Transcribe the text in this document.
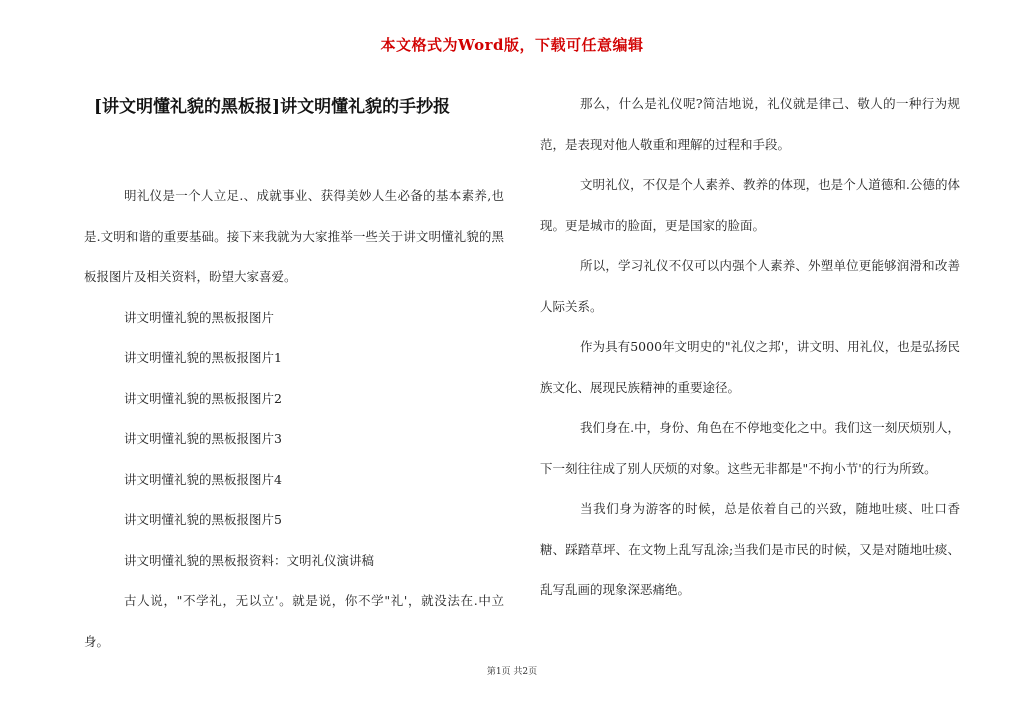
本文格式为Word版，下载可任意编辑
[讲文明懂礼貌的黑板报]讲文明懂礼貌的手抄报

明礼仪是一个人立足.、成就事业、获得美妙人生必备的基本素养,也是.文明和谐的重要基础。接下来我就为大家推举一些关于讲文明懂礼貌的黑板报图片及相关资料，盼望大家喜爱。

讲文明懂礼貌的黑板报图片

讲文明懂礼貌的黑板报图片1

讲文明懂礼貌的黑板报图片2

讲文明懂礼貌的黑板报图片3

讲文明懂礼貌的黑板报图片4

讲文明懂礼貌的黑板报图片5

讲文明懂礼貌的黑板报资料：文明礼仪演讲稿

古人说，"不学礼，无以立'。就是说，你不学"礼'，就没法在.中立身。

那么，什么是礼仪呢?简洁地说，礼仪就是律己、敬人的一种行为规范，是表现对他人敬重和理解的过程和手段。

文明礼仪，不仅是个人素养、教养的体现，也是个人道德和.公德的体现。更是城市的脸面，更是国家的脸面。

所以，学习礼仪不仅可以内强个人素养、外塑单位更能够润滑和改善人际关系。

作为具有5000年文明史的"礼仪之邦'，讲文明、用礼仪，也是弘扬民族文化、展现民族精神的重要途径。

我们身在.中，身份、角色在不停地变化之中。我们这一刻厌烦别人，下一刻往往成了别人厌烦的对象。这些无非都是"不拘小节'的行为所致。

当我们身为游客的时候，总是依着自己的兴致，随地吐痰、吐口香糖、踩踏草坪、在文物上乱写乱涂;当我们是市民的时候，又是对随地吐痰、乱写乱画的现象深恶痛绝。

第1页 共2页
